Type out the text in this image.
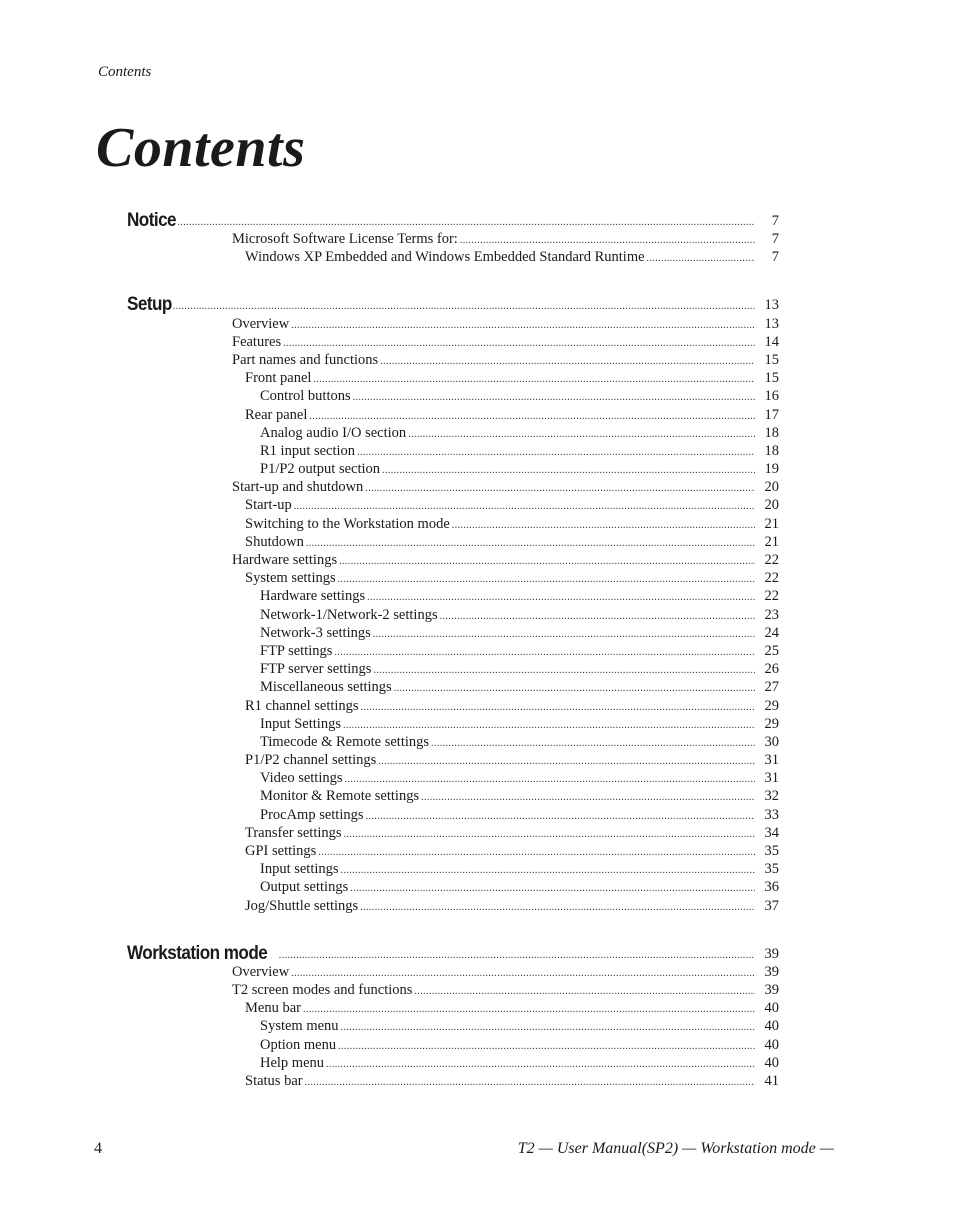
Contents
Contents
Notice .....	7
Microsoft Software License Terms for: .....	7
Windows XP Embedded and Windows Embedded Standard Runtime .....	7
Setup .....	13
Overview .....	13
Features .....	14
Part names and functions .....	15
Front panel .....	15
Control buttons .....	16
Rear panel .....	17
Analog audio I/O section .....	18
R1 input section .....	18
P1/P2 output section .....	19
Start-up and shutdown .....	20
Start-up .....	20
Switching to the Workstation mode .....	21
Shutdown .....	21
Hardware settings .....	22
System settings .....	22
Hardware settings .....	22
Network-1/Network-2 settings .....	23
Network-3 settings .....	24
FTP settings .....	25
FTP server settings .....	26
Miscellaneous settings .....	27
R1 channel settings .....	29
Input Settings .....	29
Timecode & Remote settings .....	30
P1/P2 channel settings .....	31
Video settings .....	31
Monitor & Remote settings .....	32
ProcAmp settings .....	33
Transfer settings .....	34
GPI settings .....	35
Input settings .....	35
Output settings .....	36
Jog/Shuttle settings .....	37
Workstation mode .....	39
Overview .....	39
T2 screen modes and functions .....	39
Menu bar .....	40
System menu .....	40
Option menu .....	40
Help menu .....	40
Status bar .....	41
4	T2 — User Manual(SP2) — Workstation mode —
